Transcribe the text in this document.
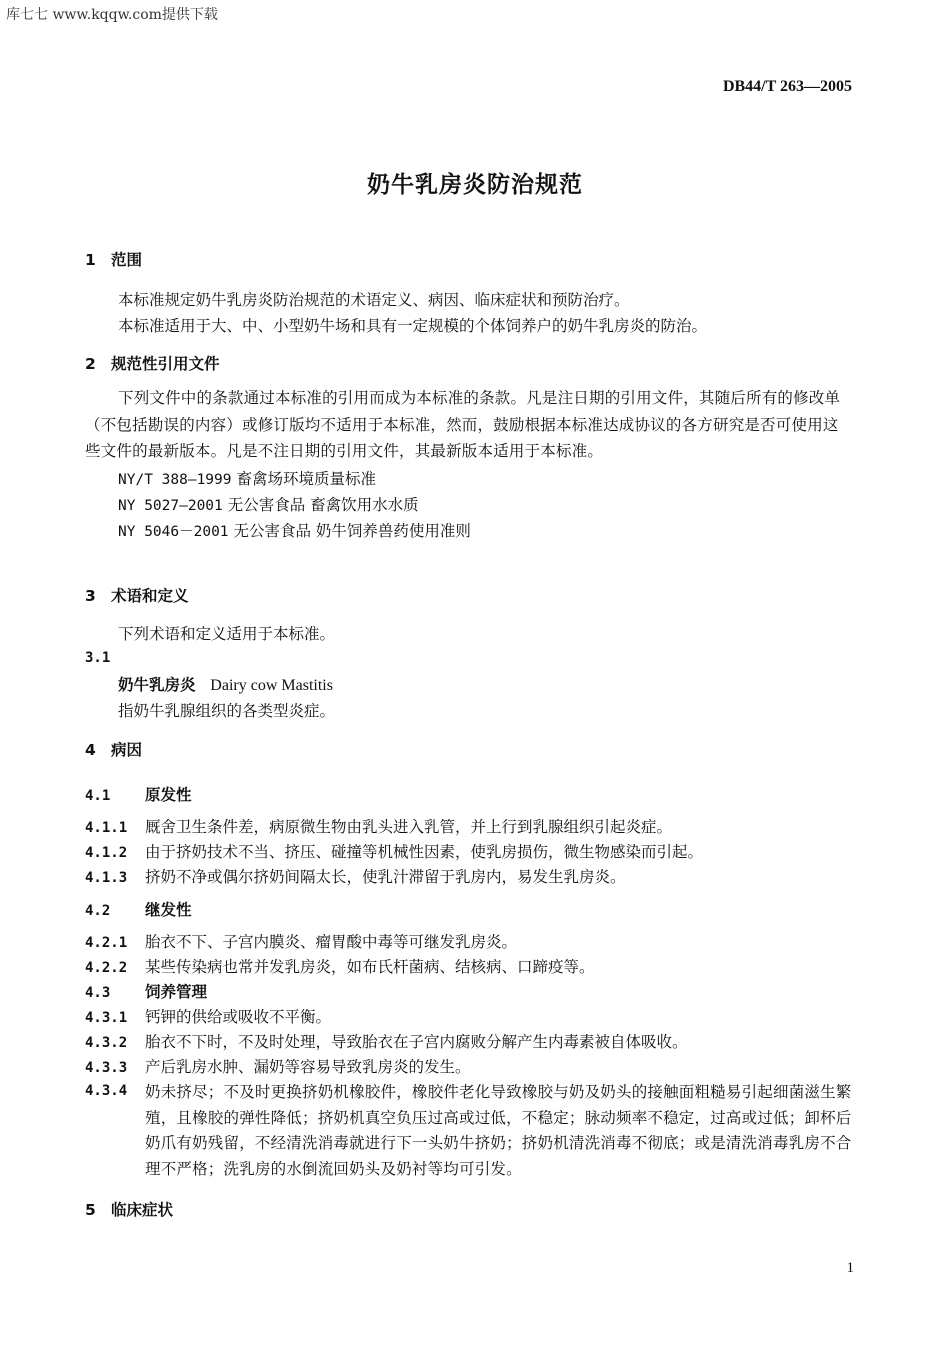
库七七 www.kqqw.com提供下载
DB44/T 263—2005
奶牛乳房炎防治规范
1 范围
本标准规定奶牛乳房炎防治规范的术语定义、病因、临床症状和预防治疗。
本标准适用于大、中、小型奶牛场和具有一定规模的个体饲养户的奶牛乳房炎的防治。
2 规范性引用文件
下列文件中的条款通过本标准的引用而成为本标准的条款。凡是注日期的引用文件，其随后所有的修改单（不包括勘误的内容）或修订版均不适用于本标准，然而，鼓励根据本标准达成协议的各方研究是否可使用这些文件的最新版本。凡是不注日期的引用文件，其最新版本适用于本标准。
NY/T 388—1999 畜禽场环境质量标准
NY 5027—2001 无公害食品 畜禽饮用水水质
NY 5046－2001 无公害食品 奶牛饲养兽药使用准则
3 术语和定义
下列术语和定义适用于本标准。
3.1
奶牛乳房炎 Dairy cow Mastitis
指奶牛乳腺组织的各类型炎症。
4 病因
4.1 原发性
4.1.1 厩舍卫生条件差，病原微生物由乳头进入乳管，并上行到乳腺组织引起炎症。
4.1.2 由于挤奶技术不当、挤压、碰撞等机械性因素，使乳房损伤，微生物感染而引起。
4.1.3 挤奶不净或偶尔挤奶间隔太长，使乳汁滞留于乳房内，易发生乳房炎。
4.2 继发性
4.2.1 胎衣不下、子宫内膜炎、瘤胃酸中毒等可继发乳房炎。
4.2.2 某些传染病也常并发乳房炎，如布氏杆菌病、结核病、口蹄疫等。
4.3 饲养管理
4.3.1 钙钾的供给或吸收不平衡。
4.3.2 胎衣不下时，不及时处理，导致胎衣在子宫内腐败分解产生内毒素被自体吸收。
4.3.3 产后乳房水肿、漏奶等容易导致乳房炎的发生。
4.3.4 奶未挤尽；不及时更换挤奶机橡胶件，橡胶件老化导致橡胶与奶及奶头的接触面粗糙易引起细菌滋生繁殖，且橡胶的弹性降低；挤奶机真空负压过高或过低，不稳定；脉动频率不稳定，过高或过低；卸杯后奶爪有奶残留，不经清洗消毒就进行下一头奶牛挤奶；挤奶机清洗消毒不彻底；或是清洗消毒乳房不合理不严格；洗乳房的水倒流回奶头及奶衬等均可引发。
5 临床症状
1
